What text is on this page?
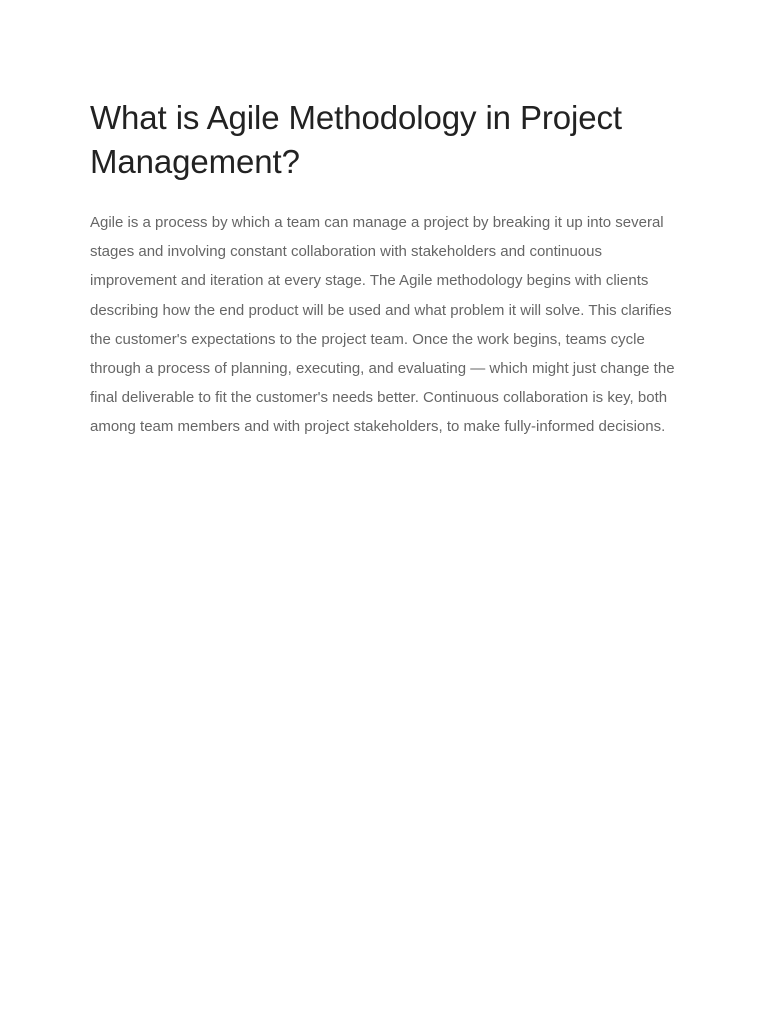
What is Agile Methodology in Project Management?

Agile is a process by which a team can manage a project by breaking it up into several stages and involving constant collaboration with stakeholders and continuous improvement and iteration at every stage. The Agile methodology begins with clients describing how the end product will be used and what problem it will solve. This clarifies the customer's expectations to the project team. Once the work begins, teams cycle through a process of planning, executing, and evaluating — which might just change the final deliverable to fit the customer's needs better. Continuous collaboration is key, both among team members and with project stakeholders, to make fully-informed decisions.
